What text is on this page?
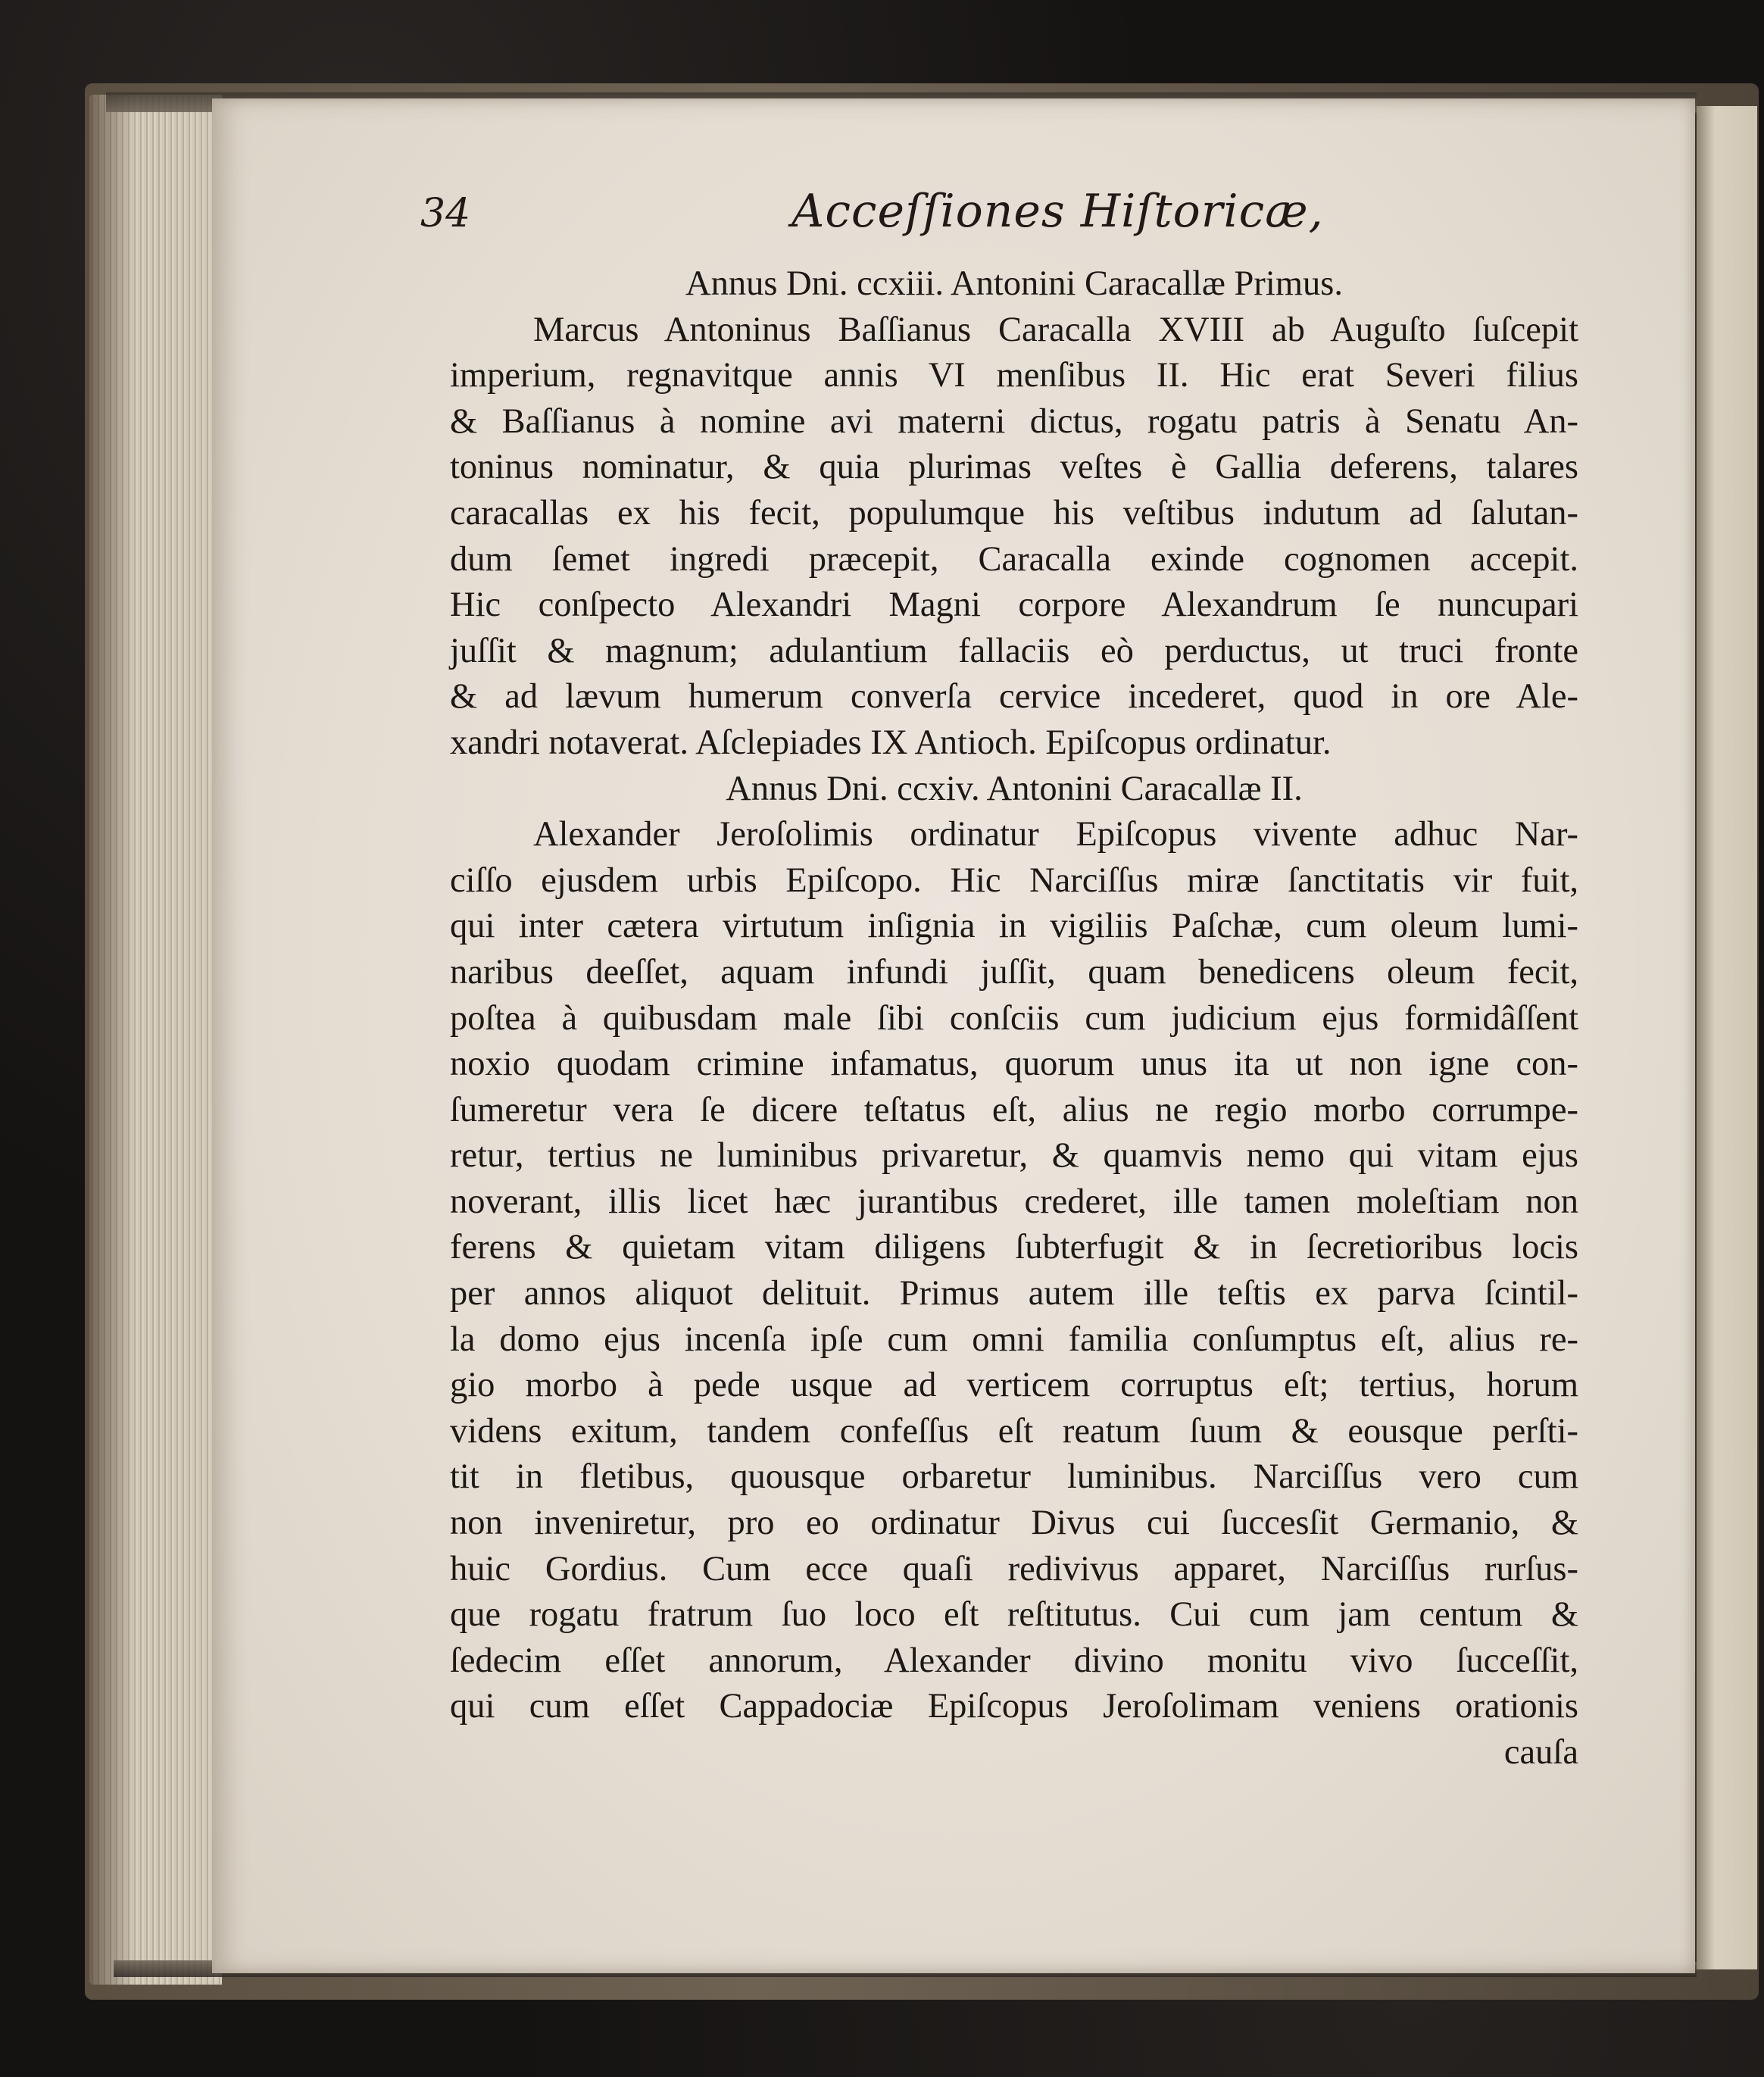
34	Acceſſiones Hiſtoricæ,
Annus Dni. ccxiii. Antonini Caracallæ Primus.
Marcus Antoninus Baſſianus Caracalla XVIII ab Auguſto ſuſcepit
imperium, regnavitque annis VI menſibus II. Hic erat Severi filius
& Baſſianus à nomine avi materni dictus, rogatu patris à Senatu An-
toninus nominatur, & quia plurimas veſtes è Gallia deferens, talares
caracallas ex his fecit, populumque his veſtibus indutum ad ſalutan-
dum ſemet ingredi præcepit, Caracalla exinde cognomen accepit.
Hic conſpecto Alexandri Magni corpore Alexandrum ſe nuncupari
juſſit & magnum; adulantium fallaciis eò perductus, ut truci fronte
& ad lævum humerum converſa cervice incederet, quod in ore Ale-
xandri notaverat. Aſclepiades IX Antioch. Epiſcopus ordinatur.
Annus Dni. ccxiv. Antonini Caracallæ II.
Alexander Jeroſolimis ordinatur Epiſcopus vivente adhuc Nar-
ciſſo ejusdem urbis Epiſcopo. Hic Narciſſus miræ ſanctitatis vir fuit,
qui inter cætera virtutum inſignia in vigiliis Paſchæ, cum oleum lumi-
naribus deeſſet, aquam infundi juſſit, quam benedicens oleum fecit,
poſtea à quibusdam male ſibi conſciis cum judicium ejus formidâſſent
noxio quodam crimine infamatus, quorum unus ita ut non igne con-
ſumeretur vera ſe dicere teſtatus eſt, alius ne regio morbo corrumpe-
retur, tertius ne luminibus privaretur, & quamvis nemo qui vitam ejus
noverant, illis licet hæc jurantibus crederet, ille tamen moleſtiam non
ferens & quietam vitam diligens ſubterfugit & in ſecretioribus locis
per annos aliquot delituit. Primus autem ille teſtis ex parva ſcintil-
la domo ejus incenſa ipſe cum omni familia conſumptus eſt, alius re-
gio morbo à pede usque ad verticem corruptus eſt; tertius, horum
videns exitum, tandem confeſſus eſt reatum ſuum & eousque perſti-
tit in fletibus, quousque orbaretur luminibus. Narciſſus vero cum
non inveniretur, pro eo ordinatur Divus cui ſuccesſit Germanio, &
huic Gordius. Cum ecce quaſi redivivus apparet, Narciſſus rurſus-
que rogatu fratrum ſuo loco eſt reſtitutus. Cui cum jam centum &
ſedecim eſſet annorum, Alexander divino monitu vivo ſucceſſit,
qui cum eſſet Cappadociæ Epiſcopus Jeroſolimam veniens orationis
cauſa
